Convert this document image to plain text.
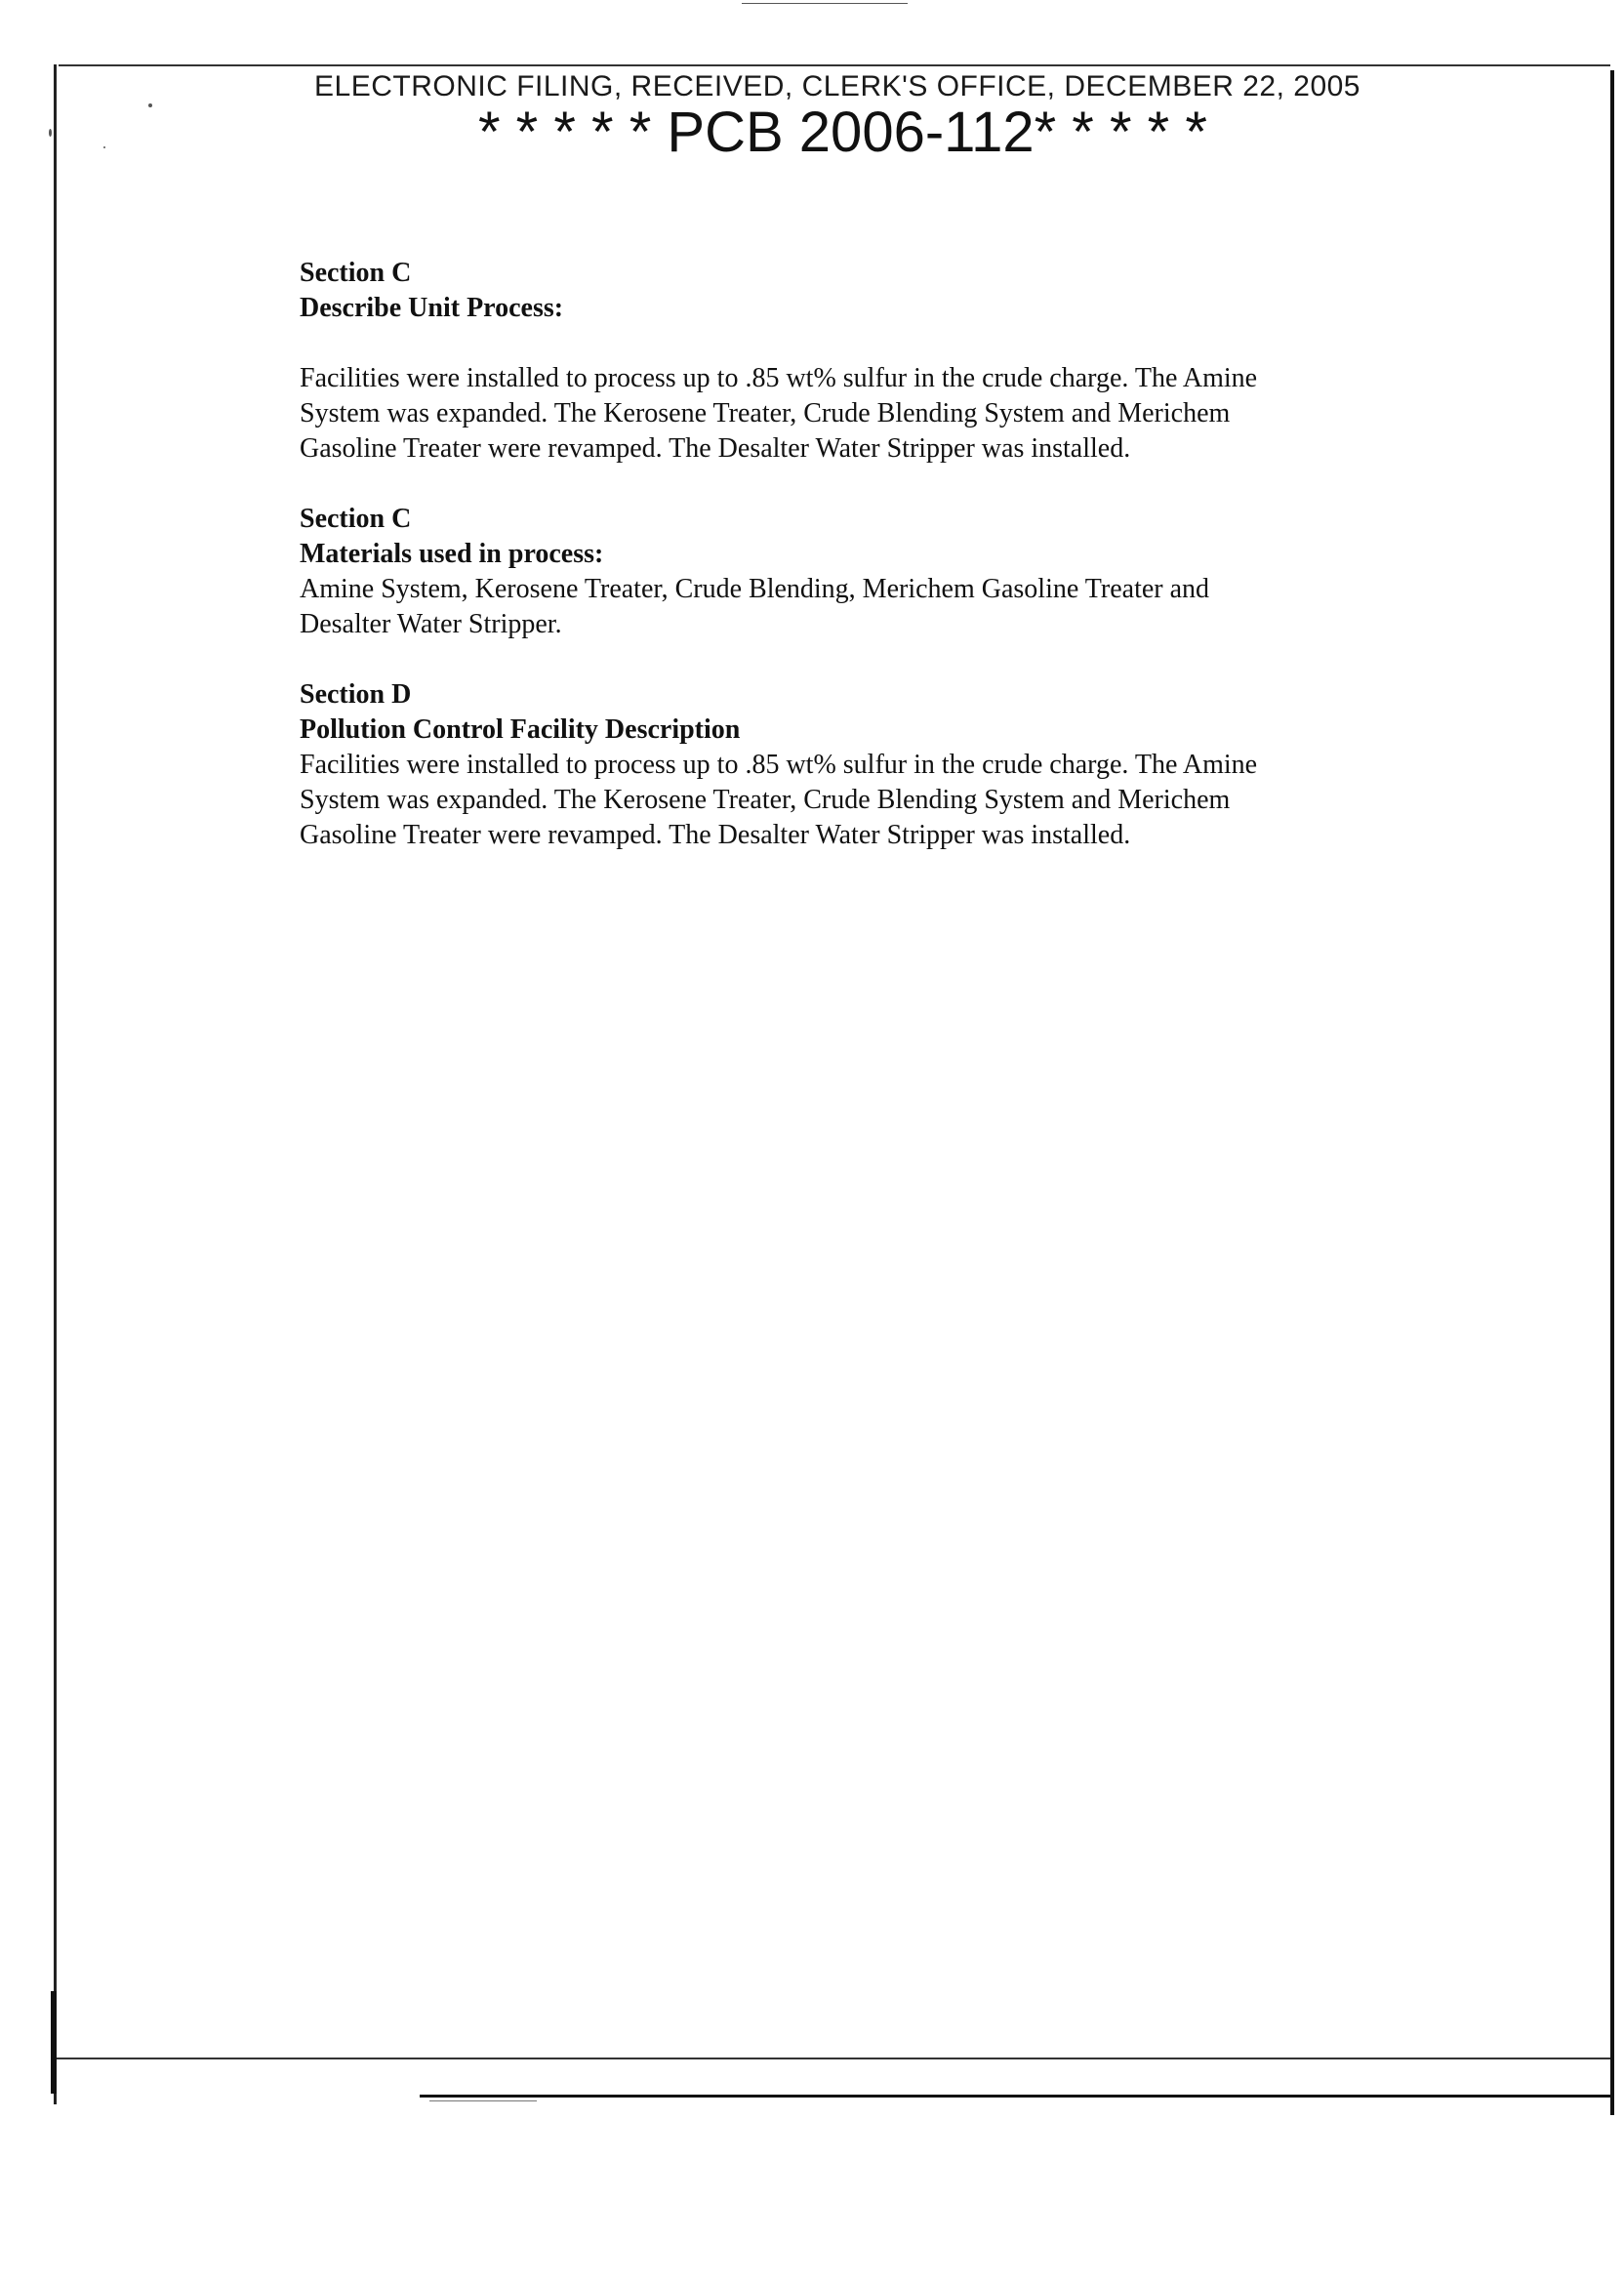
ELECTRONIC FILING, RECEIVED, CLERK'S OFFICE, DECEMBER 22, 2005
* * * * * PCB 2006-112* * * * *

Section C

Describe Unit Process:

Facilities were installed to process up to .85 wt% sulfur in the crude charge. The Amine

System was expanded. The Kerosene Treater, Crude Blending System and Merichem

Gasoline Treater were revamped. The Desalter Water Stripper was installed.

Section C

Materials used in process:

Amine System, Kerosene Treater, Crude Blending, Merichem Gasoline Treater and

Desalter Water Stripper.

Section D

Pollution Control Facility Description

Facilities were installed to process up to .85 wt% sulfur in the crude charge. The Amine

System was expanded. The Kerosene Treater, Crude Blending System and Merichem

Gasoline Treater were revamped. The Desalter Water Stripper was installed.
